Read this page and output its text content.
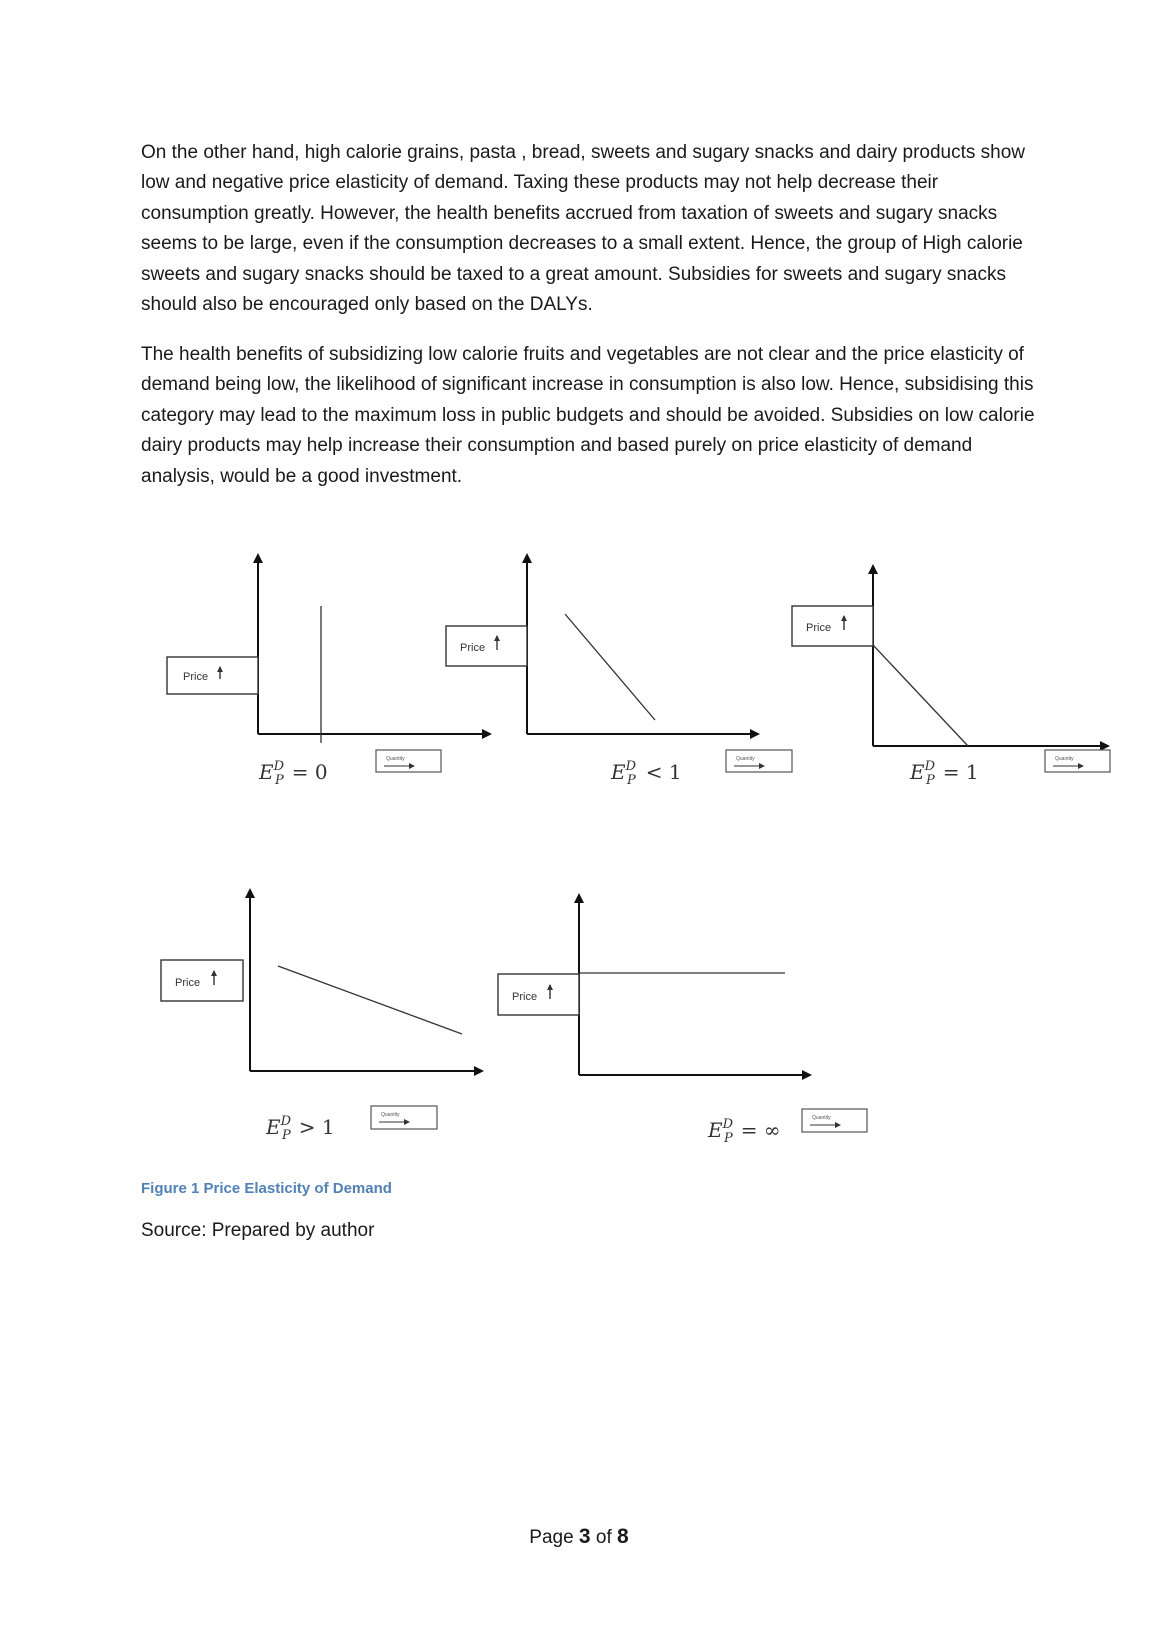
On the other hand, high calorie grains, pasta , bread, sweets and sugary snacks and dairy products show low and negative price elasticity of demand. Taxing these products may not help decrease their consumption greatly. However, the health benefits accrued from taxation of sweets and sugary snacks seems to be large, even if the consumption decreases to a small extent. Hence, the group of High calorie sweets and sugary snacks should be taxed to a great amount. Subsidies for sweets and sugary snacks should also be encouraged only based on the DALYs.

The health benefits of subsidizing low calorie fruits and vegetables are not clear and the price elasticity of demand being low, the likelihood of significant increase in consumption is also low. Hence, subsidising this category may lead to the maximum loss in public budgets and should be avoided. Subsidies on low calorie dairy products may help increase their consumption and based purely on price elasticity of demand analysis, would be a good investment.

Price
Quantity
$E^D$ P = 0
Price
Quantity
$E^D$ P < 1
Price
Quantity
$E^D$ P = 1
Price
Quantity
$E^D$ P > 1
Price
Quantity
$E^D$ P = ∞

Figure 1 Price Elasticity of Demand

Source: Prepared by author

Page 3 of 8
